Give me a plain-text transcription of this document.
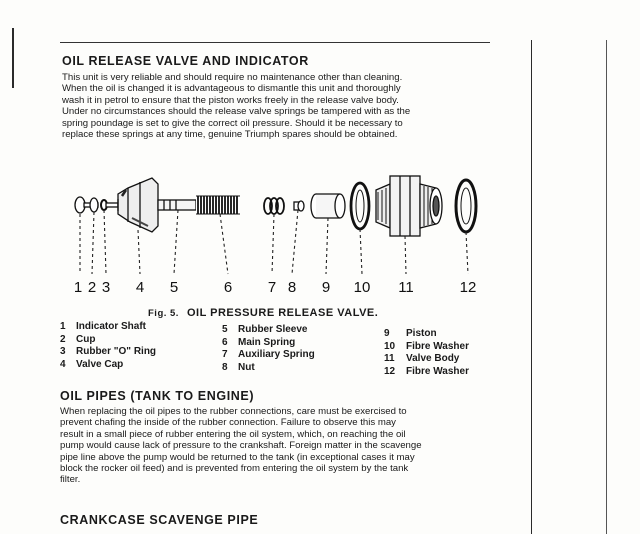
OIL RELEASE VALVE AND INDICATOR
This unit is very reliable and should require no maintenance other than cleaning.
When the oil is changed it is advantageous to dismantle this unit and thoroughly
wash it in petrol to ensure that the piston works freely in the release valve body.
Under no circumstances should the release valve springs be tampered with as the
spring poundage is set to give the correct oil pressure. Should it be necessary to
replace these springs at any time, genuine Triumph spares should be obtained.
1 2 3 4 5	6 7 8 9 10 11	12
Fig. 5. OIL PRESSURE RELEASE VALVE.
1 Indicator Shaft
2 Cup
3 Rubber "O" Ring
4 Valve Cap
5 Rubber Sleeve
6 Main Spring
7 Auxiliary Spring
8 Nut
9 Piston
10 Fibre Washer
11 Valve Body
12 Fibre Washer
OIL PIPES (TANK TO ENGINE)
When replacing the oil pipes to the rubber connections, care must be exercised to
prevent chafing the inside of the rubber connection. Failure to observe this may
result in a small piece of rubber entering the oil system, which, on reaching the oil
pump would cause lack of pressure to the crankshaft. Foreign matter in the scavenge
pipe line above the pump would be returned to the tank (in exceptional cases it may
block the rocker oil feed) and is prevented from entering the oil system by the tank
filter.
CRANKCASE SCAVENGE PIPE
